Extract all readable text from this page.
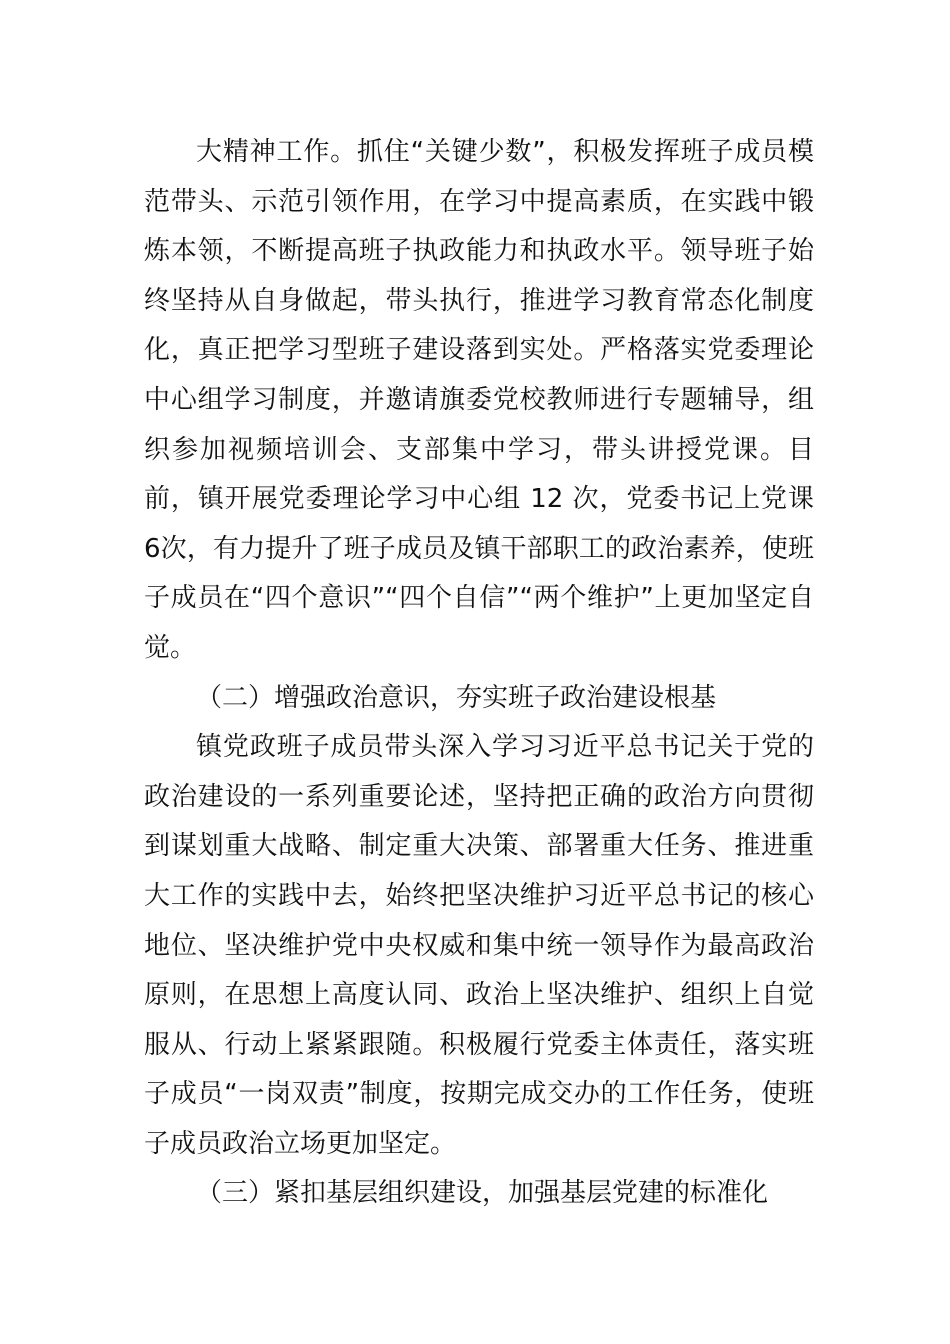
大精神工作。抓住“关键少数”，积极发挥班子成员模范带头、示范引领作用，在学习中提高素质，在实践中锻炼本领，不断提高班子执政能力和执政水平。领导班子始终坚持从自身做起，带头执行，推进学习教育常态化制度化，真正把学习型班子建设落到实处。严格落实党委理论中心组学习制度，并邀请旗委党校教师进行专题辅导，组织参加视频培训会、支部集中学习，带头讲授党课。目前，镇开展党委理论学习中心组 12 次，党委书记上党课 6次，有力提升了班子成员及镇干部职工的政治素养，使班子成员在“四个意识”“四个自信”“两个维护”上更加坚定自觉。

（二）增强政治意识，夯实班子政治建设根基

镇党政班子成员带头深入学习习近平总书记关于党的政治建设的一系列重要论述，坚持把正确的政治方向贯彻到谋划重大战略、制定重大决策、部署重大任务、推进重大工作的实践中去，始终把坚决维护习近平总书记的核心地位、坚决维护党中央权威和集中统一领导作为最高政治原则，在思想上高度认同、政治上坚决维护、组织上自觉服从、行动上紧紧跟随。积极履行党委主体责任，落实班子成员“一岗双责”制度，按期完成交办的工作任务，使班子成员政治立场更加坚定。

（三）紧扣基层组织建设，加强基层党建的标准化
